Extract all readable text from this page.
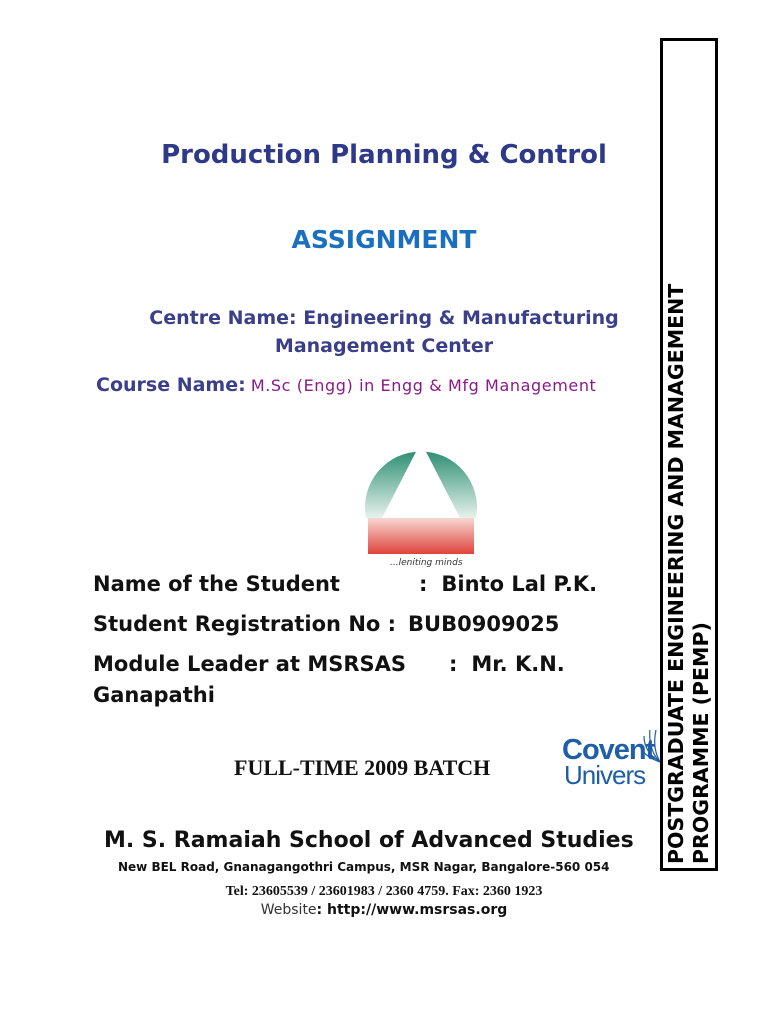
Production Planning & Control
ASSIGNMENT
Centre Name: Engineering & Manufacturing
Management Center
Course Name: M.Sc (Engg) in Engg & Mfg Management
...leniting minds
Name of the Student	: Binto Lal P.K.
Student Registration No : BUB0909025
Module Leader at MSRSAS : Mr. K.N.
Ganapathi
FULL-TIME 2009 BATCH
Covent
Univers
M. S. Ramaiah School of Advanced Studies
New BEL Road, Gnanagangothri Campus, MSR Nagar, Bangalore-560 054
Tel: 23605539 / 23601983 / 2360 4759. Fax: 2360 1923
Website: http://www.msrsas.org
POSTGRADUATE ENGINEERING AND MANAGEMENT PROGRAMME (PEMP)
